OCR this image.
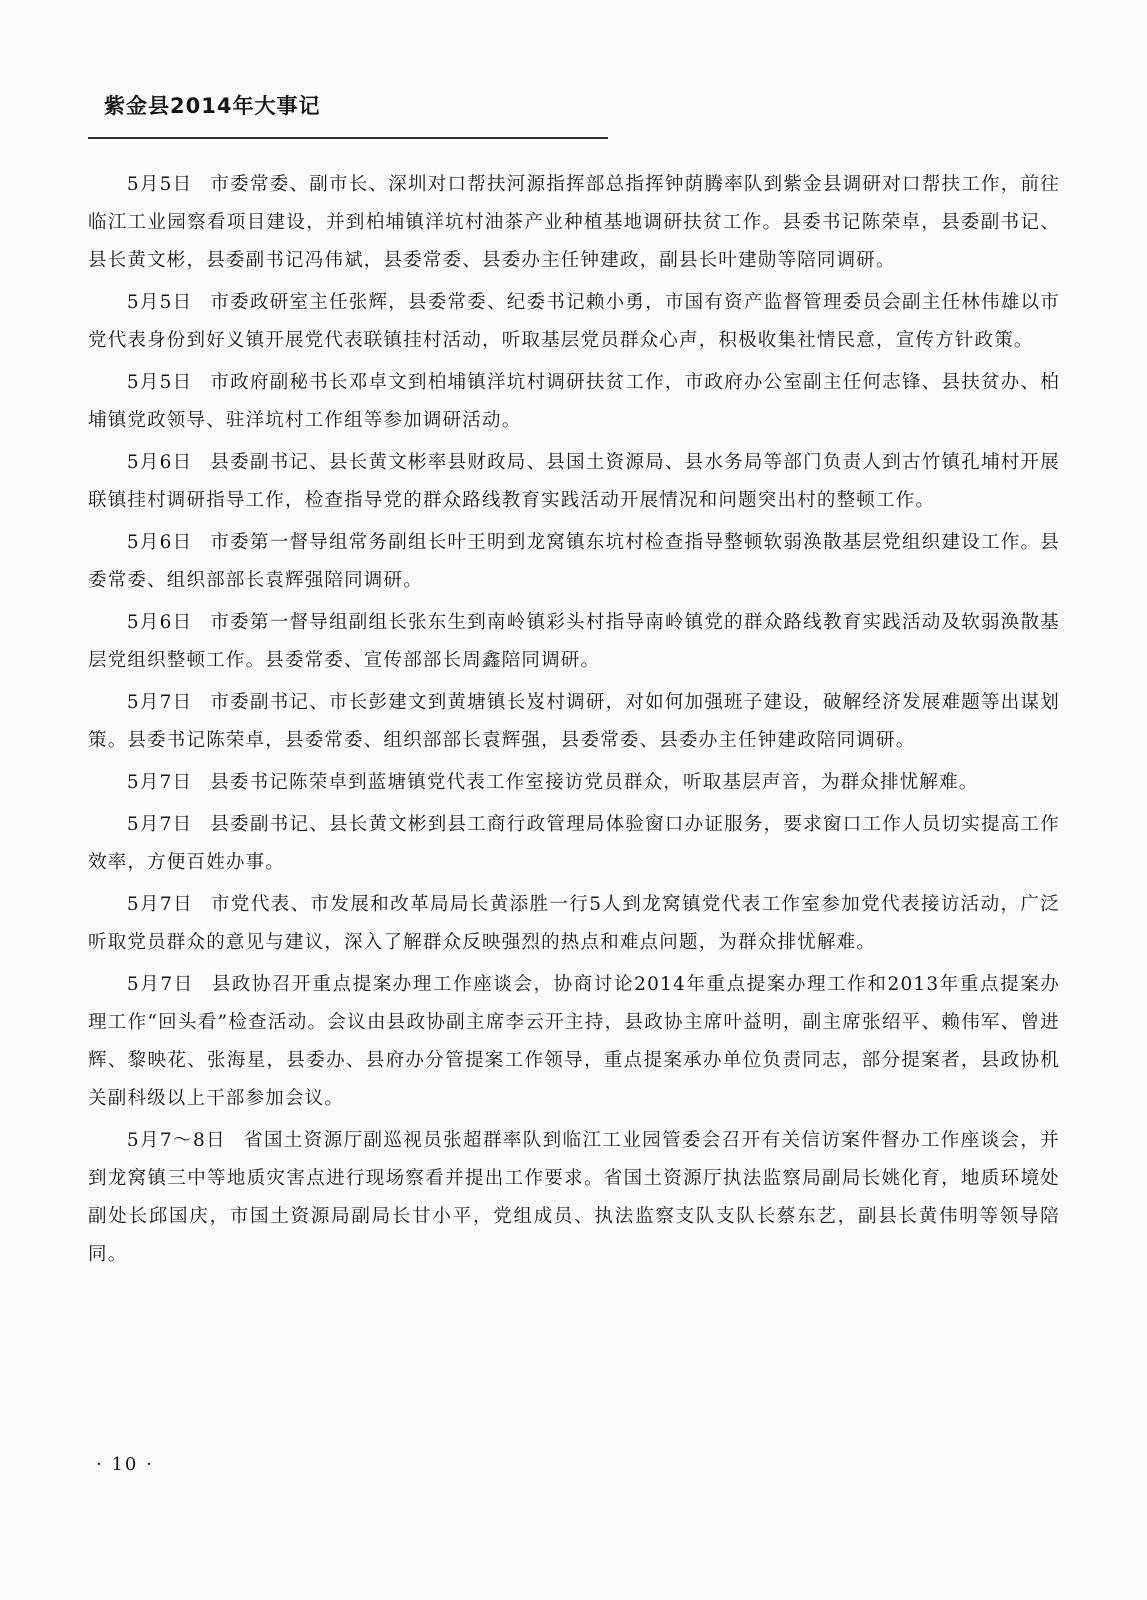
紫金县2014年大事记

5月5日 市委常委、副市长、深圳对口帮扶河源指挥部总指挥钟荫腾率队到紫金县调研对口帮扶工作，前往临江工业园察看项目建设，并到柏埔镇洋坑村油茶产业种植基地调研扶贫工作。县委书记陈荣卓，县委副书记、县长黄文彬，县委副书记冯伟斌，县委常委、县委办主任钟建政，副县长叶建勋等陪同调研。

5月5日 市委政研室主任张辉，县委常委、纪委书记赖小勇，市国有资产监督管理委员会副主任林伟雄以市党代表身份到好义镇开展党代表联镇挂村活动，听取基层党员群众心声，积极收集社情民意，宣传方针政策。

5月5日 市政府副秘书长邓卓文到柏埔镇洋坑村调研扶贫工作，市政府办公室副主任何志锋、县扶贫办、柏埔镇党政领导、驻洋坑村工作组等参加调研活动。

5月6日 县委副书记、县长黄文彬率县财政局、县国土资源局、县水务局等部门负责人到古竹镇孔埔村开展联镇挂村调研指导工作，检查指导党的群众路线教育实践活动开展情况和问题突出村的整顿工作。

5月6日 市委第一督导组常务副组长叶王明到龙窝镇东坑村检查指导整顿软弱涣散基层党组织建设工作。县委常委、组织部部长袁辉强陪同调研。

5月6日 市委第一督导组副组长张东生到南岭镇彩头村指导南岭镇党的群众路线教育实践活动及软弱涣散基层党组织整顿工作。县委常委、宣传部部长周鑫陪同调研。

5月7日 市委副书记、市长彭建文到黄塘镇长岌村调研，对如何加强班子建设，破解经济发展难题等出谋划策。县委书记陈荣卓，县委常委、组织部部长袁辉强，县委常委、县委办主任钟建政陪同调研。

5月7日 县委书记陈荣卓到蓝塘镇党代表工作室接访党员群众，听取基层声音，为群众排忧解难。

5月7日 县委副书记、县长黄文彬到县工商行政管理局体验窗口办证服务，要求窗口工作人员切实提高工作效率，方便百姓办事。

5月7日 市党代表、市发展和改革局局长黄添胜一行5人到龙窝镇党代表工作室参加党代表接访活动，广泛听取党员群众的意见与建议，深入了解群众反映强烈的热点和难点问题，为群众排忧解难。

5月7日 县政协召开重点提案办理工作座谈会，协商讨论2014年重点提案办理工作和2013年重点提案办理工作“回头看”检查活动。会议由县政协副主席李云开主持，县政协主席叶益明，副主席张绍平、赖伟军、曾进辉、黎映花、张海星，县委办、县府办分管提案工作领导，重点提案承办单位负责同志，部分提案者，县政协机关副科级以上干部参加会议。

5月7～8日 省国土资源厅副巡视员张超群率队到临江工业园管委会召开有关信访案件督办工作座谈会，并到龙窝镇三中等地质灾害点进行现场察看并提出工作要求。省国土资源厅执法监察局副局长姚化育，地质环境处副处长邱国庆，市国土资源局副局长甘小平，党组成员、执法监察支队支队长蔡东艺，副县长黄伟明等领导陪同。

· 10 ·
